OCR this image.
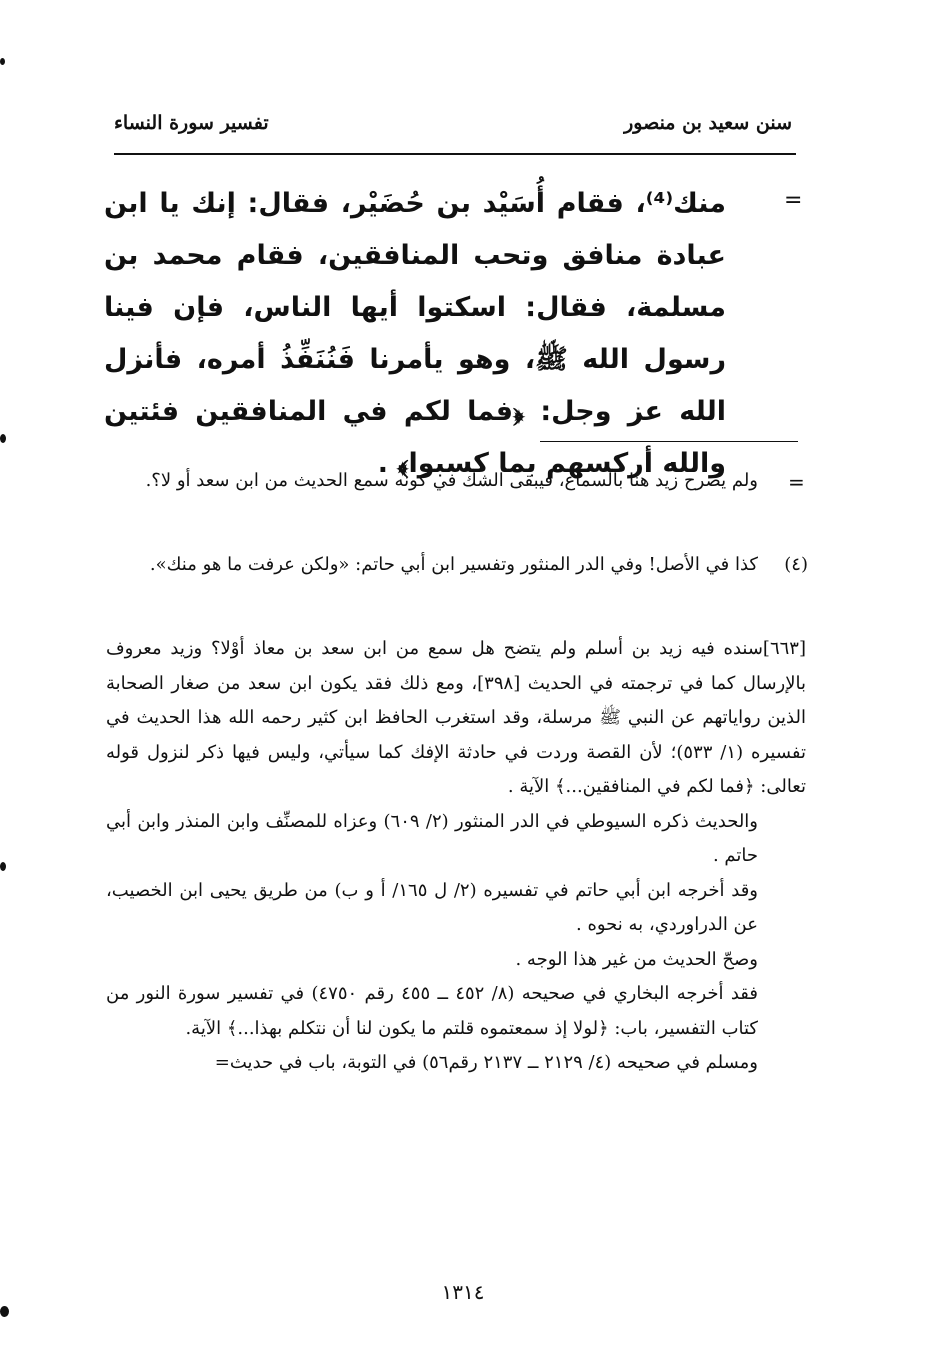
سنن سعيد بن منصور
تفسير سورة النساء
=
منك⁽⁴⁾، فقام أُسَيْد بن حُضَيْر، فقال: إنك يا ابن عبادة منافق وتحب المنافقين، فقام محمد بن مسلمة، فقال: اسكتوا أيها الناس، فإن فينا رسول الله ﷺ، وهو يأمرنا فَنُنَفِّذُ أمره، فأنزل الله عز وجل: ﴿فما لكم في المنافقين فئتين والله أركسهم بما كسبوا﴾ .
=
ولم يصرح زيد هنا بالسماع، فيبقى الشك في كونه سمع الحديث من ابن سعد أو لا؟.
(٤)
كذا في الأصل! وفي الدر المنثور وتفسير ابن أبي حاتم: «ولكن عرفت ما هو منك».

[٦٦٣]سنده فيه زيد بن أسلم ولم يتضح هل سمع من ابن سعد بن معاذ أوْلا؟ وزيد معروف بالإرسال كما في ترجمته في الحديث [٣٩٨]، ومع ذلك فقد يكون ابن سعد من صغار الصحابة الذين رواياتهم عن النبي ﷺ مرسلة، وقد استغرب الحافظ ابن كثير رحمه الله هذا الحديث في تفسيره (١/ ٥٣٣)؛ لأن القصة وردت في حادثة الإفك كما سيأتي، وليس فيها ذكر لنزول قوله تعالى: ﴿فما لكم في المنافقين...﴾ الآية .

والحديث ذكره السيوطي في الدر المنثور (٢/ ٦٠٩) وعزاه للمصنِّف وابن المنذر وابن أبي حاتم .

وقد أخرجه ابن أبي حاتم في تفسيره (٢/ ل ١٦٥/ أ و ب) من طريق يحيى ابن الخصيب، عن الدراوردي، به نحوه .

وصحّ الحديث من غير هذا الوجه .

فقد أخرجه البخاري في صحيحه (٨/ ٤٥٢ ــ ٤٥٥ رقم ٤٧٥٠) في تفسير سورة النور من كتاب التفسير، باب: ﴿لولا إذ سمعتموه قلتم ما يكون لنا أن نتكلم بهذا...﴾ الآية.

ومسلم في صحيحه (٤/ ٢١٢٩ ــ ٢١٣٧ رقم٥٦) في التوبة، باب في حديث=

١٣١٤
